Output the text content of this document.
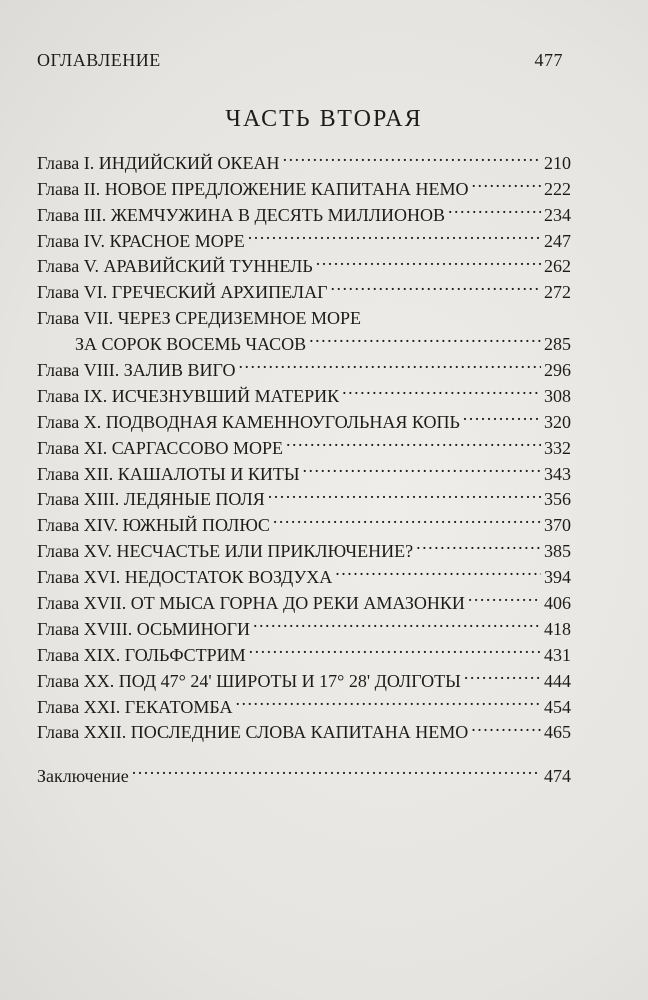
ОГЛАВЛЕНИЕ	477
ЧАСТЬ ВТОРАЯ
Глава I. ИНДИЙСКИЙ ОКЕАН . . .	210
Глава II. НОВОЕ ПРЕДЛОЖЕНИЕ КАПИТАНА НЕМО . . .	222
Глава III. ЖЕМЧУЖИНА В ДЕСЯТЬ МИЛЛИОНОВ . . .	234
Глава IV. КРАСНОЕ МОРЕ . . .	247
Глава V. АРАВИЙСКИЙ ТУННЕЛЬ . . .	262
Глава VI. ГРЕЧЕСКИЙ АРХИПЕЛАГ . . .	272
Глава VII. ЧЕРЕЗ СРЕДИЗЕМНОЕ МОРЕ
ЗА СОРОК ВОСЕМЬ ЧАСОВ . . .	285
Глава VIII. ЗАЛИВ ВИГО . . .	296
Глава IX. ИСЧЕЗНУВШИЙ МАТЕРИК . . .	308
Глава X. ПОДВОДНАЯ КАМЕННОУГОЛЬНАЯ КОПЬ . . .	320
Глава XI. САРГАССОВО МОРЕ . . .	332
Глава XII. КАШАЛОТЫ И КИТЫ . . .	343
Глава XIII. ЛЕДЯНЫЕ ПОЛЯ . . .	356
Глава XIV. ЮЖНЫЙ ПОЛЮС . . .	370
Глава XV. НЕСЧАСТЬЕ ИЛИ ПРИКЛЮЧЕНИЕ? . . .	385
Глава XVI. НЕДОСТАТОК ВОЗДУХА . . .	394
Глава XVII. ОТ МЫСА ГОРНА ДО РЕКИ АМАЗОНКИ . . .	406
Глава XVIII. ОСЬМИНОГИ . . .	418
Глава XIX. ГОЛЬФСТРИМ . . .	431
Глава XX. ПОД 47° 24' ШИРОТЫ И 17° 28' ДОЛГОТЫ . . .	444
Глава XXI. ГЕКАТОМБА . . .	454
Глава XXII. ПОСЛЕДНИЕ СЛОВА КАПИТАНА НЕМО . . .	465
Заключение . . .	474
